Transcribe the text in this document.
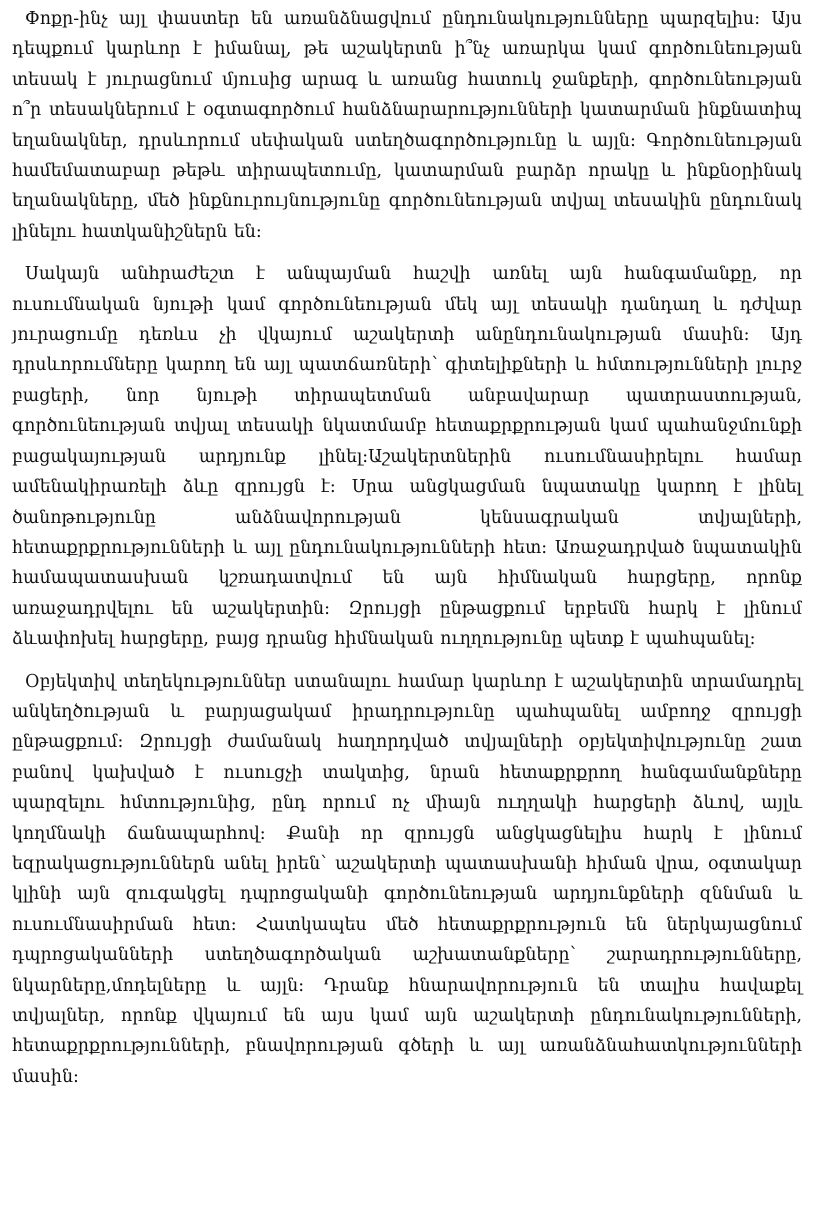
Փոքր-ինչ այլ փաստեր են առանձնացվում ընդունակությունները պարզելիս: Այս դեպքում կարևոր է իմանալ, թե աշակերտն ի՞նչ առարկա կամ գործունեության տեսակ է յուրացնում մյուսից արագ և առանց հատուկ ջանքերի, գործունեության ո՞ր տեսակներում է օգտագործում հանձնարարությունների կատարման ինքնատիպ եղանակներ, դրսևորում սեփական ստեղծագործությունը և այլն: Գործունեության համեմատաբար թեթև տիրապետումը, կատարման բարձր որակը և ինքնօրինակ եղանակները, մեծ ինքնուրույնությունը գործունեության տվյալ տեսակին ընդունակ լինելու հատկանիշներն են:

Սակայն անհրաժեշտ է անպայման հաշվի առնել այն հանգամանքը, որ ուսումնական նյութի կամ գործունեության մեկ այլ տեսակի դանդաղ և դժվար յուրացումը դեռևս չի վկայում աշակերտի անընդունակության մասին: Այդ դրսևորումները կարող են այլ պատճառների՝ գիտելիքների և հմտությունների լուրջ բացերի, նոր նյութի տիրապետման անբավարար պատրաստության, գործունեության տվյալ տեսակի նկատմամբ հետաքրքրության կամ պահանջմունքի բացակայության արդյունք լինել:Աշակերտներին ուսումնասիրելու համար ամենակիրառելի ձևը զրույցն է: Սրա անցկացման նպատակը կարող է լինել ծանոթությունը անձնավորության կենսագրական տվյալների, հետաքրքրությունների և այլ ընդունակությունների հետ: Առաջադրված նպատակին համապատասխան կշռադատվում են այն հիմնական հարցերը, որոնք առաջադրվելու են աշակերտին: Զրույցի ընթացքում երբեմն հարկ է լինում ձևափոխել հարցերը, բայց դրանց հիմնական ուղղությունը պետք է պահպանել:

Օբյեկտիվ տեղեկություններ ստանալու համար կարևոր է աշակերտին տրամադրել անկեղծության և բարյացակամ իրադրությունը պահպանել ամբողջ զրույցի ընթացքում: Զրույցի ժամանակ հաղորդված տվյալների օբյեկտիվությունը շատ բանով կախված է ուսուցչի տակտից, նրան հետաքրքրող հանգամանքները պարզելու հմտությունից, ընդ որում ոչ միայն ուղղակի հարցերի ձևով, այլև կողմնակի ճանապարհով: Քանի որ զրույցն անցկացնելիս հարկ է լինում եզրակացություններն անել իրեն՝ աշակերտի պատասխանի հիման վրա, օգտակար կլինի այն զուգակցել դպրոցականի գործունեության արդյունքների զննման և ուսումնասիրման հետ: Հատկապես մեծ հետաքրքրություն են ներկայացնում դպրոցականների ստեղծագործական աշխատանքները՝ շարադրությունները, նկարները,մոդելները և այլն: Դրանք հնարավորություն են տալիս հավաքել տվյալներ, որոնք վկայում են այս կամ այն աշակերտի ընդունակությունների, հետաքրքրությունների, բնավորության գծերի և այլ առանձնահատկությունների մասին:
